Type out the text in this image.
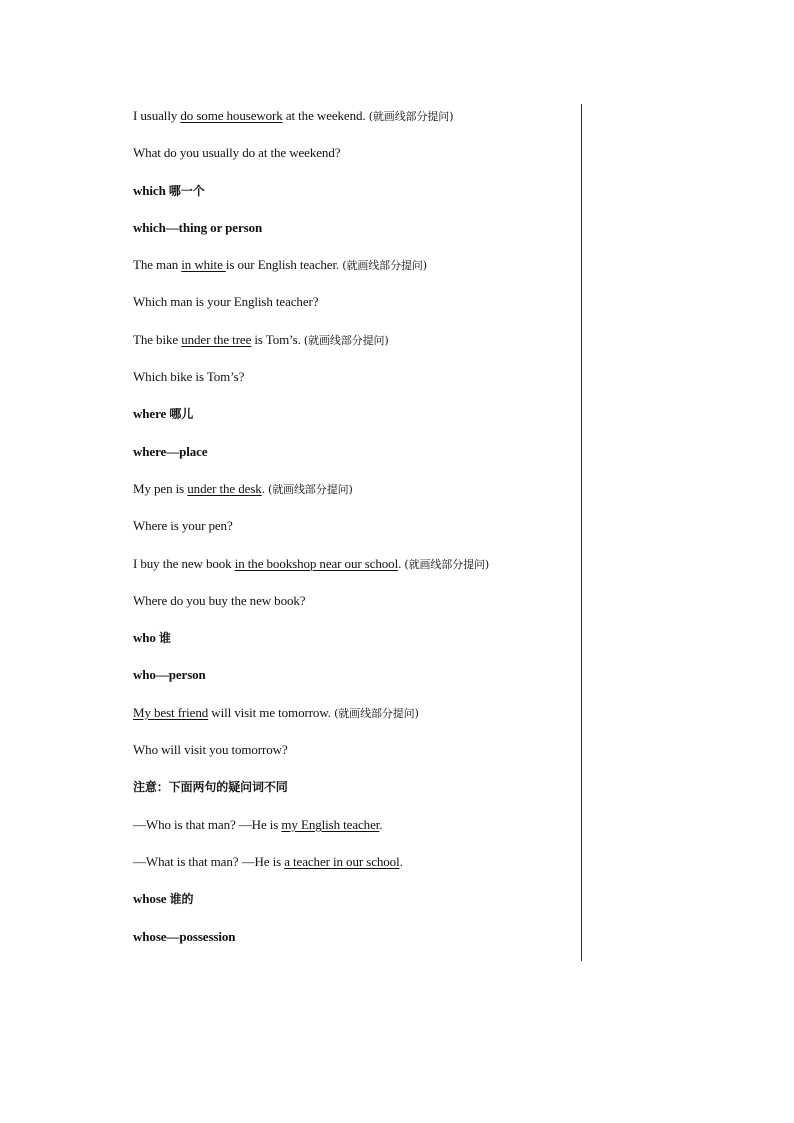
I usually do some housework at the weekend. (就画线部分提问)
What do you usually do at the weekend?
which 哪一个
which—thing or person
The man in white is our English teacher. (就画线部分提问)
Which man is your English teacher?
The bike under the tree is Tom’s. (就画线部分提问)
Which bike is Tom’s?
where 哪儿
where—place
My pen is under the desk. (就画线部分提问)
Where is your pen?
I buy the new book in the bookshop near our school. (就画线部分提问)
Where do you buy the new book?
who 谁
who—person
My best friend will visit me tomorrow. (就画线部分提问)
Who will visit you tomorrow?
注意：下面两句的疑问词不同
—Who is that man? —He is my English teacher.
—What is that man? —He is a teacher in our school.
whose 谁的
whose—possession
